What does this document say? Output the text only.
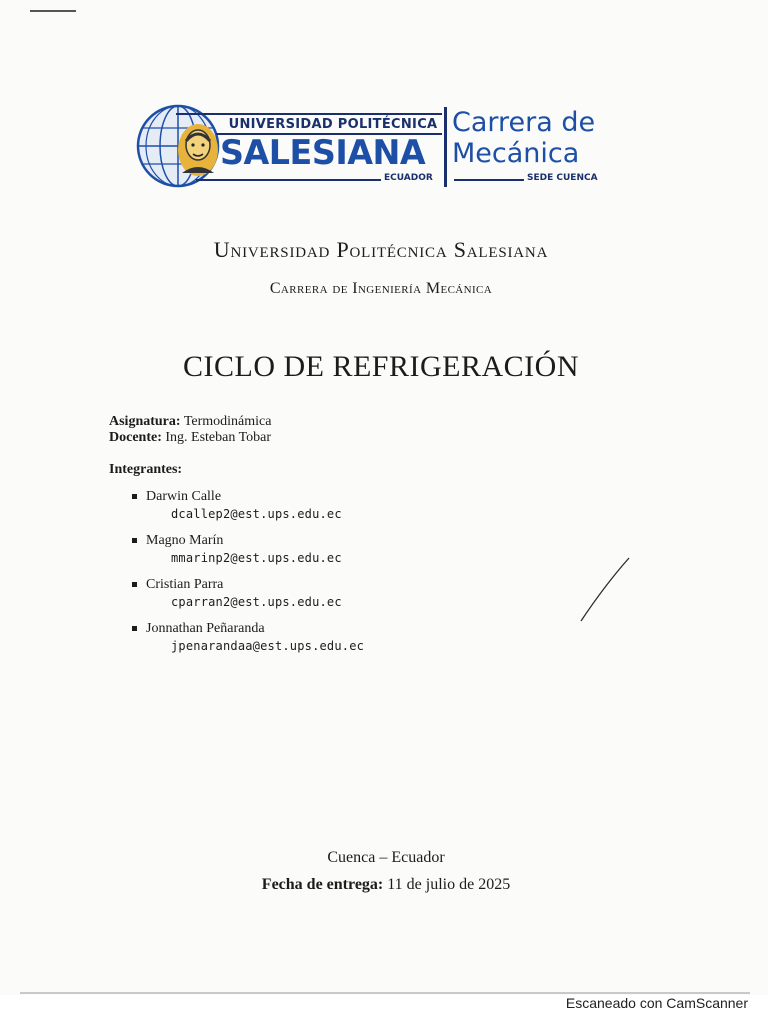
UNIVERSIDAD POLITÉCNICA
SALESIANA
ECUADOR
Carrera de
Mecánica
SEDE CUENCA
Universidad Politécnica Salesiana
Carrera de Ingeniería Mecánica
CICLO DE REFRIGERACIÓN
Asignatura: Termodinámica
Docente: Ing. Esteban Tobar
Integrantes:
Darwin Calle
dcallep2@est.ups.edu.ec
Magno Marín
mmarinp2@est.ups.edu.ec
Cristian Parra
cparran2@est.ups.edu.ec
Jonnathan Peñaranda
jpenarandaa@est.ups.edu.ec
Cuenca – Ecuador
Fecha de entrega: 11 de julio de 2025
Escaneado con CamScanner
